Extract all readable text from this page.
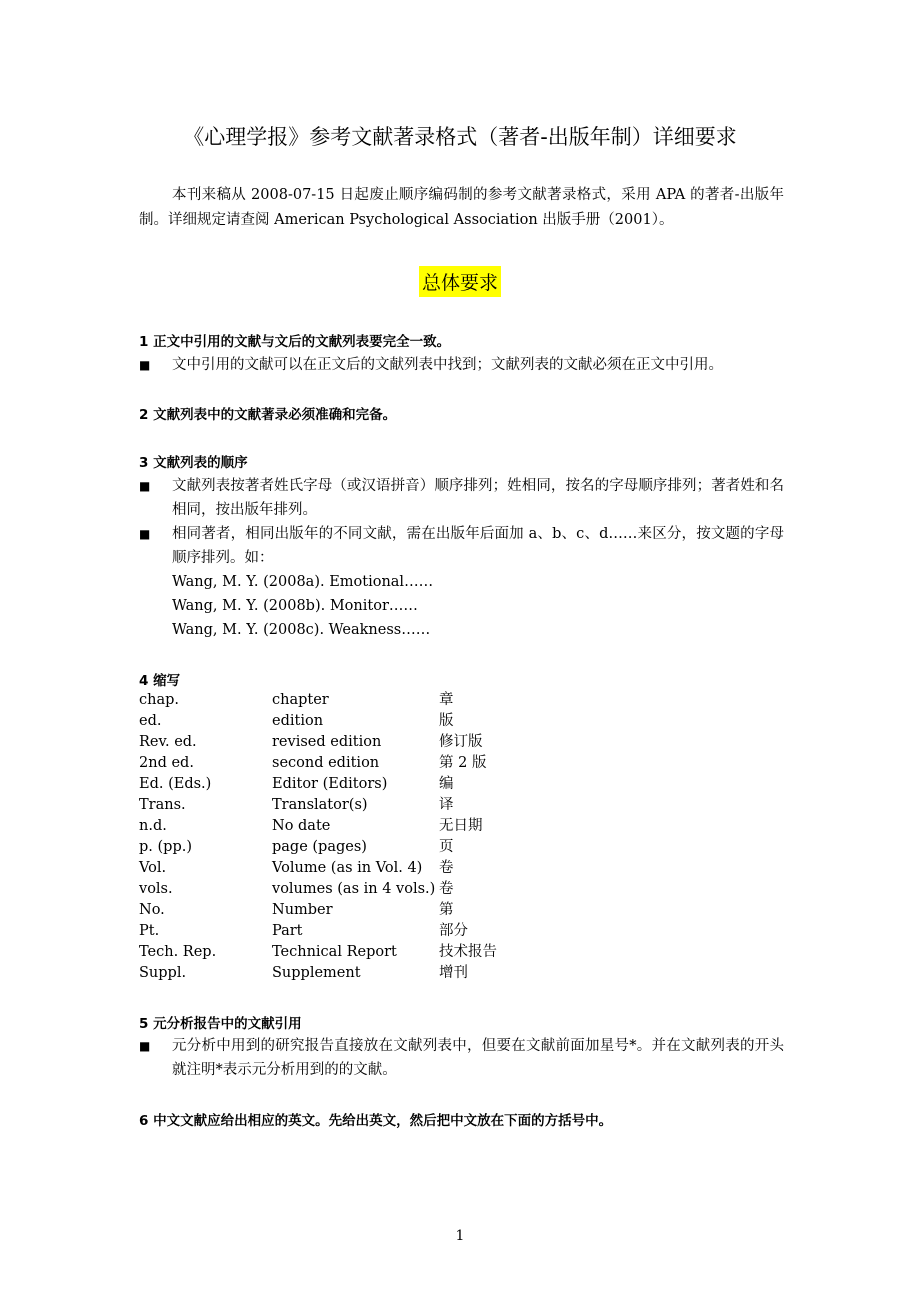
《心理学报》参考文献著录格式（著者-出版年制）详细要求
本刊来稿从 2008-07-15 日起废止顺序编码制的参考文献著录格式，采用 APA 的著者-出版年制。详细规定请查阅 American Psychological Association 出版手册（2001）。
总体要求
1 正文中引用的文献与文后的文献列表要完全一致。
■ 文中引用的文献可以在正文后的文献列表中找到；文献列表的文献必须在正文中引用。
2 文献列表中的文献著录必须准确和完备。
3 文献列表的顺序
■ 文献列表按著者姓氏字母（或汉语拼音）顺序排列；姓相同，按名的字母顺序排列；著者姓和名相同，按出版年排列。
■ 相同著者，相同出版年的不同文献，需在出版年后面加 a、b、c、d……来区分，按文题的字母顺序排列。如：
Wang, M. Y. (2008a). Emotional……
Wang, M. Y. (2008b). Monitor……
Wang, M. Y. (2008c). Weakness……
4 缩写
chap.	chapter	章
ed.	edition	版
Rev. ed.	revised edition	修订版
2nd ed.	second edition	第 2 版
Ed. (Eds.)	Editor (Editors)	编
Trans.	Translator(s)	译
n.d.	No date	无日期
p. (pp.)	page (pages)	页
Vol.	Volume (as in Vol. 4) 卷
vols.	volumes (as in 4 vols.) 卷
No.	Number	第
Pt.	Part	部分
Tech. Rep.	Technical Report	技术报告
Suppl.	Supplement	增刊
5 元分析报告中的文献引用
■ 元分析中用到的研究报告直接放在文献列表中，但要在文献前面加星号*。并在文献列表的开头就注明*表示元分析用到的的文献。
6 中文文献应给出相应的英文。先给出英文，然后把中文放在下面的方括号中。
1
